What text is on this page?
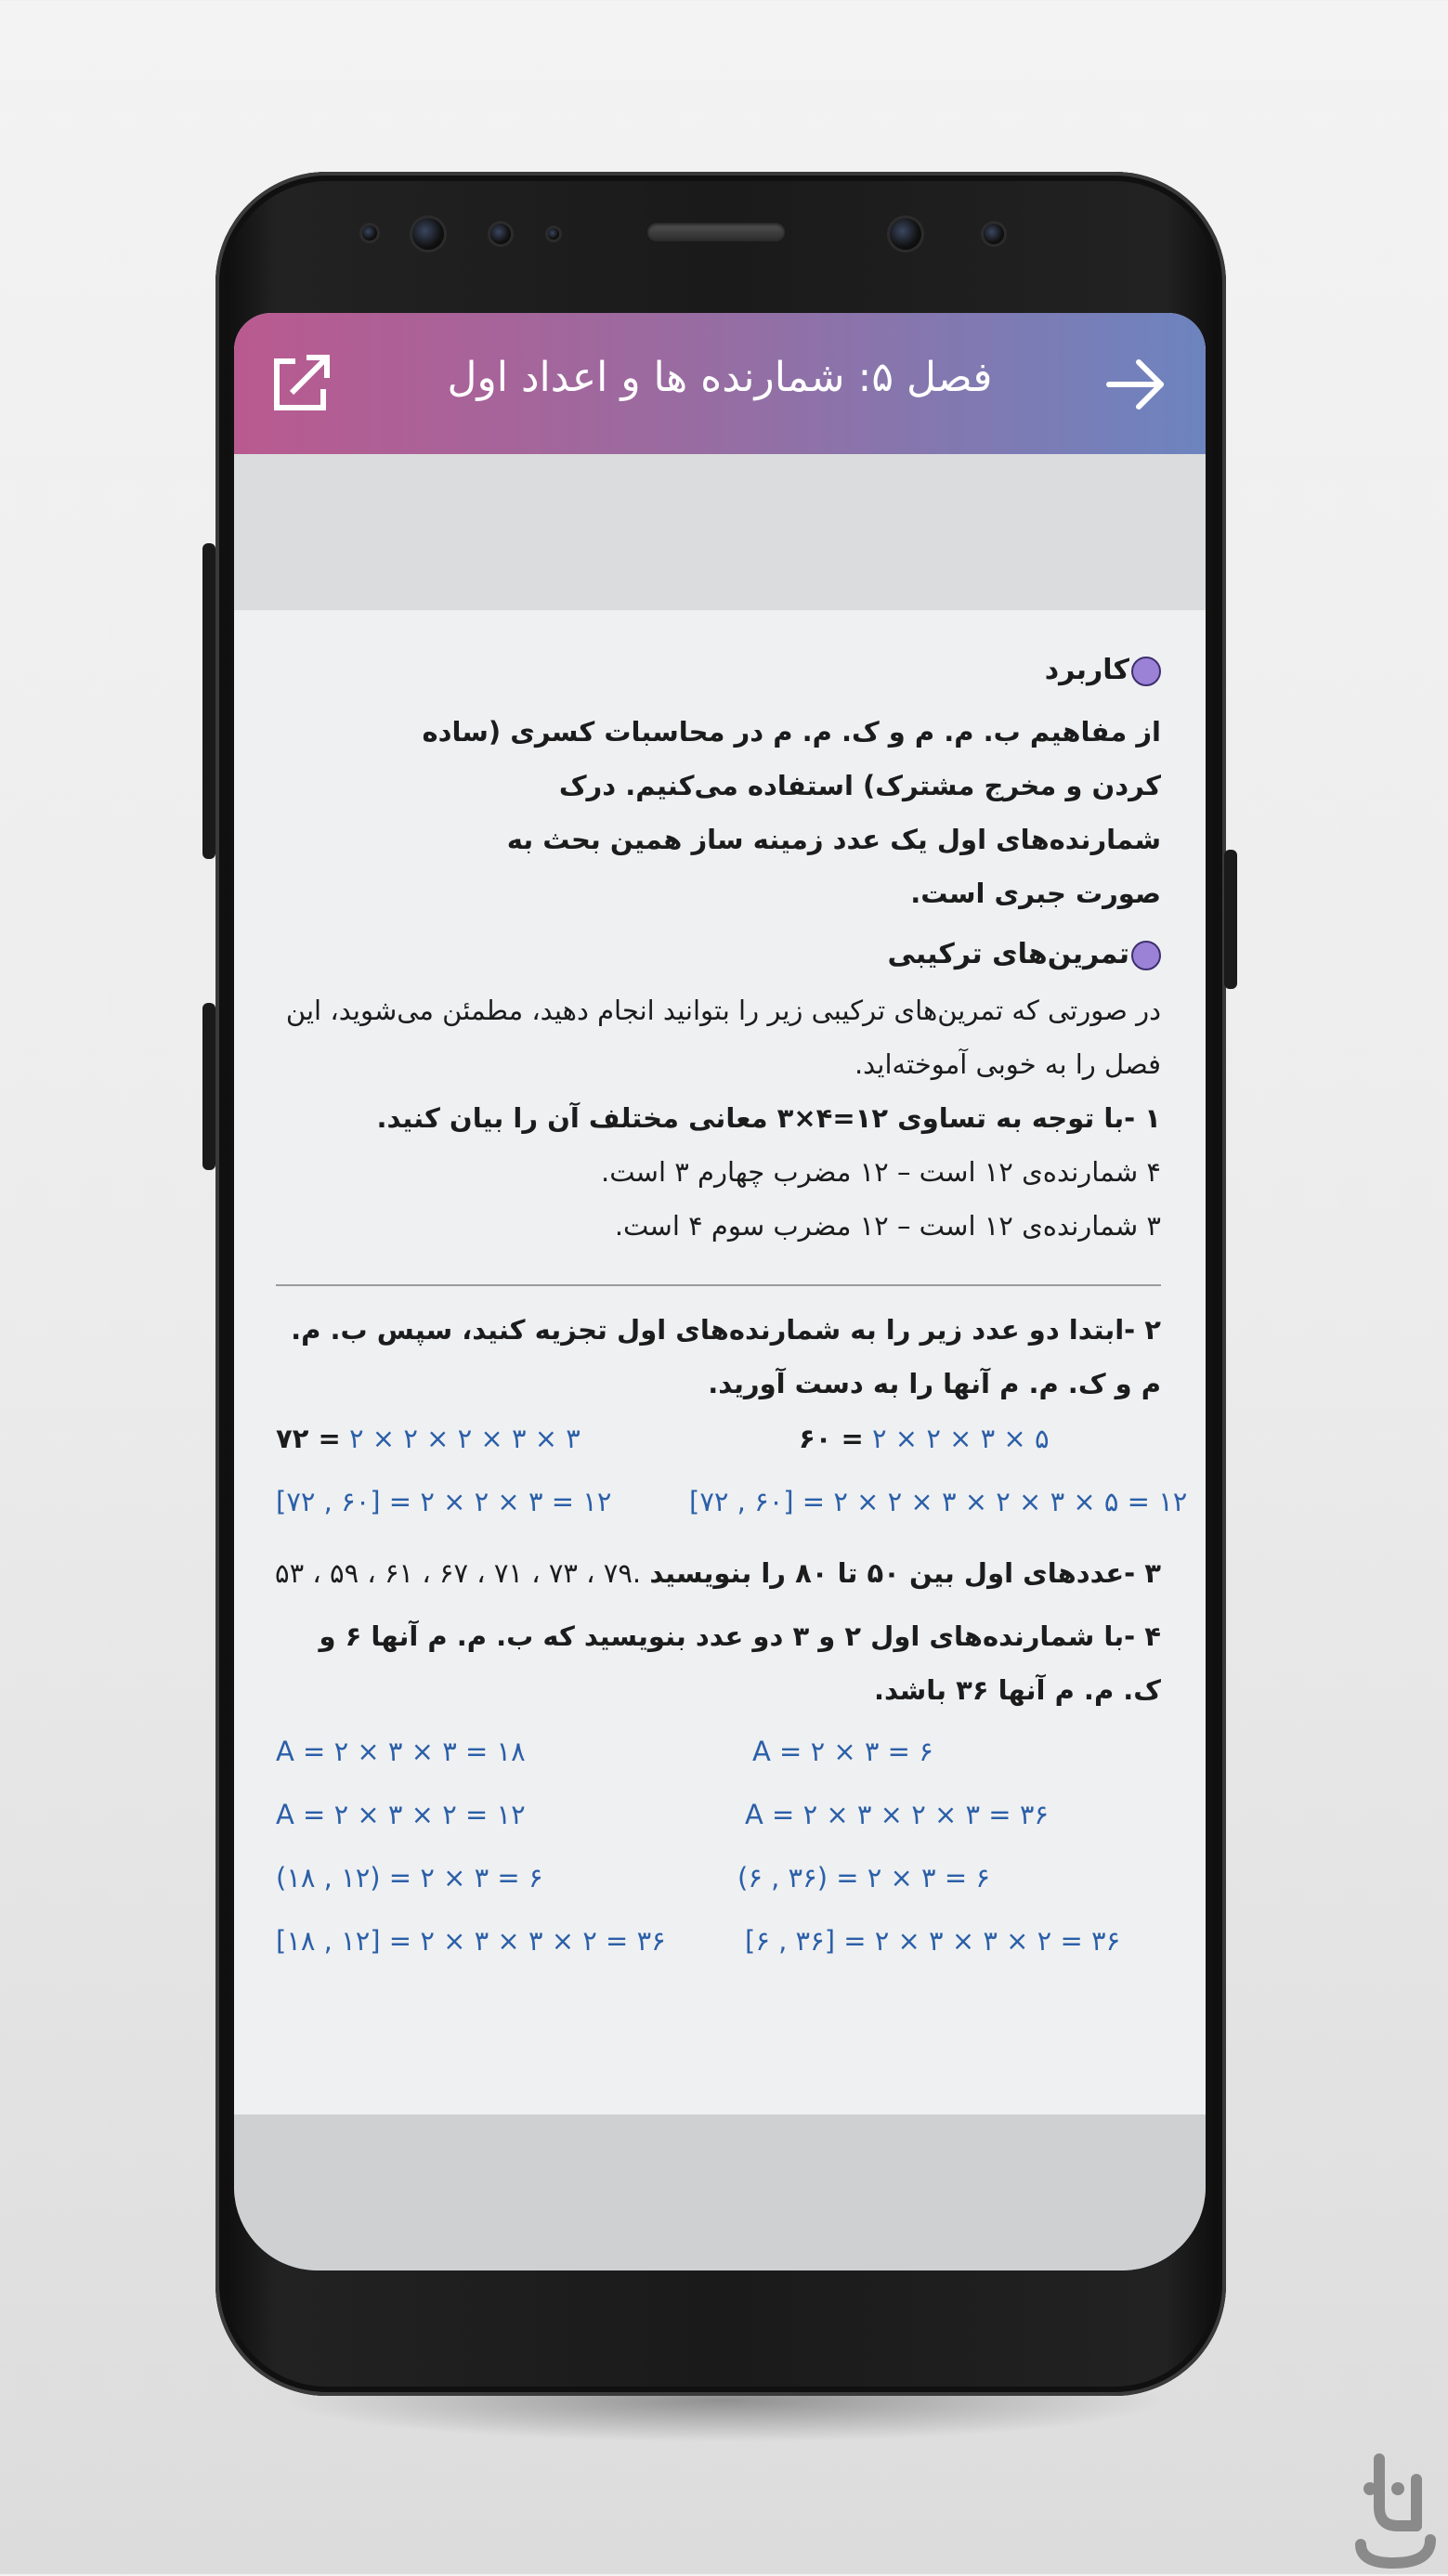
فصل ۵: شمارنده ها و اعداد اول
کاربرد
از مفاهیم ب. م. م و ک. م. م در محاسبات کسری (ساده کردن و مخرج مشترک) استفاده می‌کنیم. درک شمارنده‌های اول یک عدد زمینه ساز همین بحث به صورت جبری است.
تمرین‌های ترکیبی
در صورتی که تمرین‌های ترکیبی زیر را بتوانید انجام دهید، مطمئن می‌شوید، این فصل را به خوبی آموخته‌اید.
۱ -با توجه به تساوی ۱۲=۴×۳ معانی مختلف آن را بیان کنید.
۴ شمارنده‌ی ۱۲ است – ۱۲ مضرب چهارم ۳ است.
۳ شمارنده‌ی ۱۲ است – ۱۲ مضرب سوم ۴ است.
۲ -ابتدا دو عدد زیر را به شمارنده‌های اول تجزیه کنید، سپس ب. م. م و ک. م. م آنها را به دست آورید.
۷۲ = ۲ × ۲ × ۲ × ۳ × ۳	۶۰ = ۲ × ۲ × ۳ × ۵
[۷۲ , ۶۰] = ۲ × ۲ × ۳ = ۱۲	[۷۲ , ۶۰] = ۲ × ۲ × ۳ × ۲ × ۳ × ۵ = ۱۲
۳ -عددهای اول بین ۵۰ تا ۸۰ را بنویسید .۷۹ ، ۷۳ ، ۷۱ ، ۶۷ ، ۶۱ ، ۵۹ ، ۵۳
۴ -با شمارنده‌های اول ۲ و ۳ دو عدد بنویسید که ب. م. م آنها ۶ و ک. م. م آنها ۳۶ باشد.
A = ۲ × ۳ × ۳ = ۱۸
A = ۲ × ۳ × ۲ = ۱۲
(۱۸ , ۱۲) = ۲ × ۳ = ۶
[۱۸ , ۱۲] = ۲ × ۳ × ۳ × ۲ = ۳۶
A = ۲ × ۳ = ۶
A = ۲ × ۳ × ۲ × ۳ = ۳۶
(۶ , ۳۶) = ۲ × ۳ = ۶
[۶ , ۳۶] = ۲ × ۳ × ۳ × ۲ = ۳۶
